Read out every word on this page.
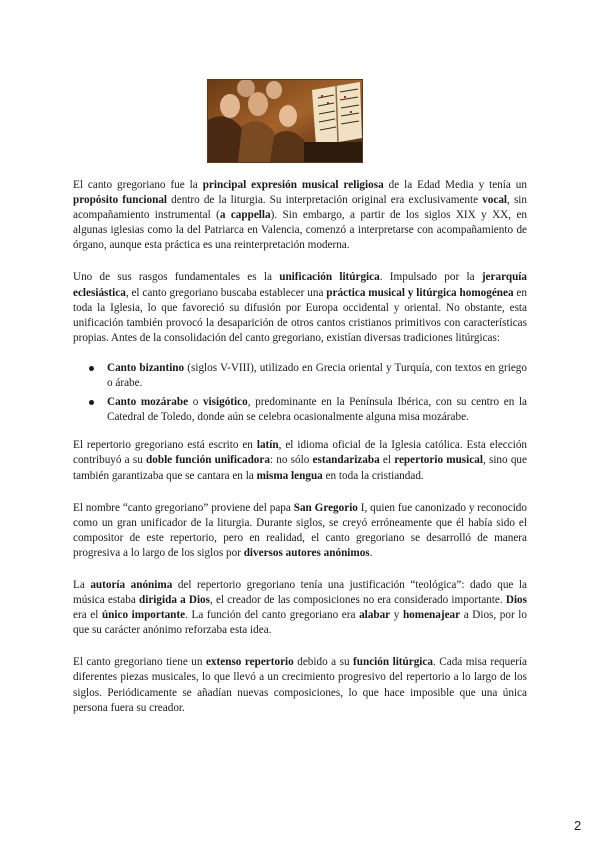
El canto gregoriano fue la principal expresión musical religiosa de la Edad Media y tenía un propósito funcional dentro de la liturgia. Su interpretación original era exclusivamente vocal, sin acompañamiento instrumental (a cappella). Sin embargo, a partir de los siglos XIX y XX, en algunas iglesias como la del Patriarca en Valencia, comenzó a interpretarse con acompañamiento de órgano, aunque esta práctica es una reinterpretación moderna.

Uno de sus rasgos fundamentales es la unificación litúrgica. Impulsado por la jerarquía eclesiástica, el canto gregoriano buscaba establecer una práctica musical y litúrgica homogénea en toda la Iglesia, lo que favoreció su difusión por Europa occidental y oriental. No obstante, esta unificación también provocó la desaparición de otros cantos cristianos primitivos con características propias. Antes de la consolidación del canto gregoriano, existían diversas tradiciones litúrgicas:

Canto bizantino (siglos V-VIII), utilizado en Grecia oriental y Turquía, con textos en griego o árabe.
Canto mozárabe o visigótico, predominante en la Península Ibérica, con su centro en la Catedral de Toledo, donde aún se celebra ocasionalmente alguna misa mozárabe.

El repertorio gregoriano está escrito en latín, el idioma oficial de la Iglesia católica. Esta elección contribuyó a su doble función unificadora: no sólo estandarizaba el repertorio musical, sino que también garantizaba que se cantara en la misma lengua en toda la cristiandad.

El nombre “canto gregoriano” proviene del papa San Gregorio I, quien fue canonizado y reconocido como un gran unificador de la liturgia. Durante siglos, se creyó erróneamente que él había sido el compositor de este repertorio, pero en realidad, el canto gregoriano se desarrolló de manera progresiva a lo largo de los siglos por diversos autores anónimos.

La autoría anónima del repertorio gregoriano tenía una justificación “teológica”: dado que la música estaba dirigida a Dios, el creador de las composiciones no era considerado importante. Dios era el único importante. La función del canto gregoriano era alabar y homenajear a Dios, por lo que su carácter anónimo reforzaba esta idea.

El canto gregoriano tiene un extenso repertorio debido a su función litúrgica. Cada misa requería diferentes piezas musicales, lo que llevó a un crecimiento progresivo del repertorio a lo largo de los siglos. Periódicamente se añadían nuevas composiciones, lo que hace imposible que una única persona fuera su creador.

2
